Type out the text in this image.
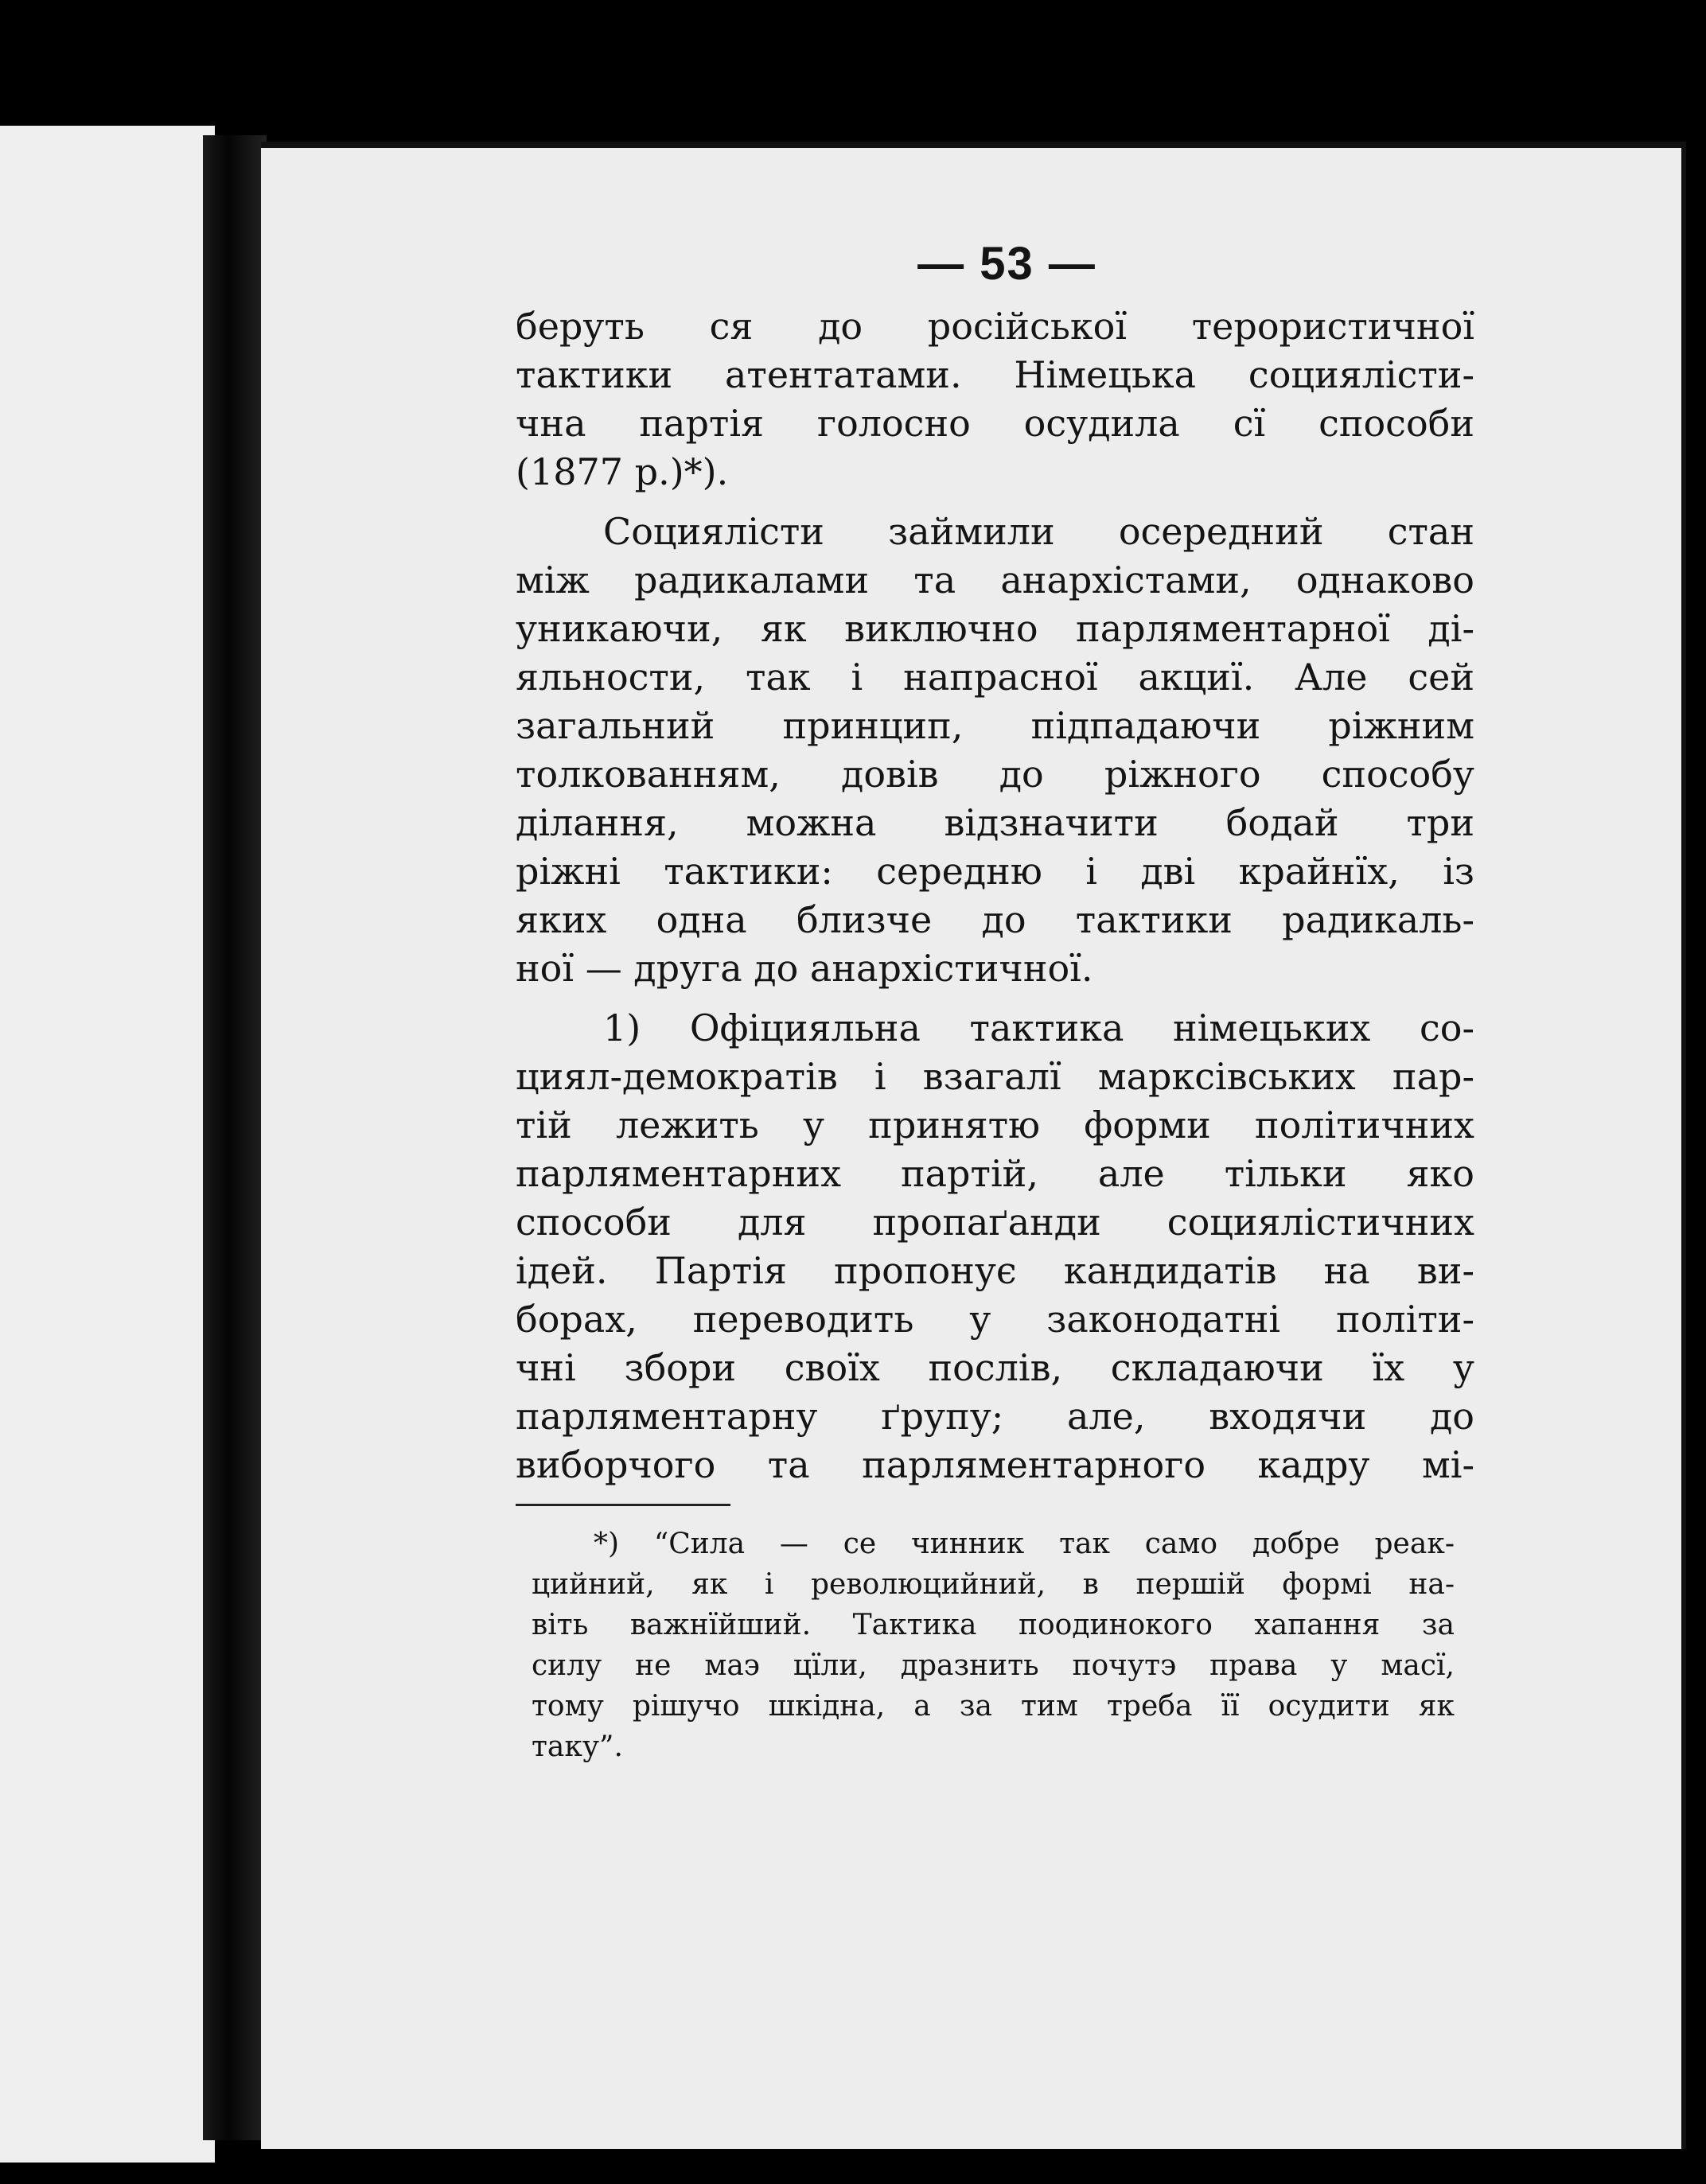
— 53 —
беруть ся до російської терористичної
тактики атентатами. Німецька социялісти-
чна партія голосно осудила сї способи
(1877 р.)*).
Социялісти займили осередний стан
між радикалами та анархістами, однаково
уникаючи, як виключно парляментарної ді-
яльности, так і напрасної акциї. Але сей
загальний принцип, підпадаючи ріжним
толкованням, довів до ріжного способу
ділання, можна відзначити бодай три
ріжні тактики: середню і дві крайнїх, із
яких одна близче до тактики радикаль-
ної — друга до анархістичної.
1) Офіцияльна тактика німецьких со-
циял-демократів і взагалї марксівських пар-
тій лежить у принятю форми політичних
парляментарних партій, але тільки яко
способи для пропаґанди социялістичних
ідей. Партія пропонує кандидатів на ви-
борах, переводить у законодатні політи-
чні збори своїх послів, складаючи їх у
парляментарну ґрупу; але, входячи до
виборчого та парляментарного кадру мі-
*) “Сила — се чинник так само добре реак-
цийний, як і революцийний, в першій формі на-
віть важнїйший. Тактика поодинокого хапання за
силу не маэ цїли, дразнить почутэ права у масї,
тому рішучо шкідна, а за тим треба її осудити як
таку”.
